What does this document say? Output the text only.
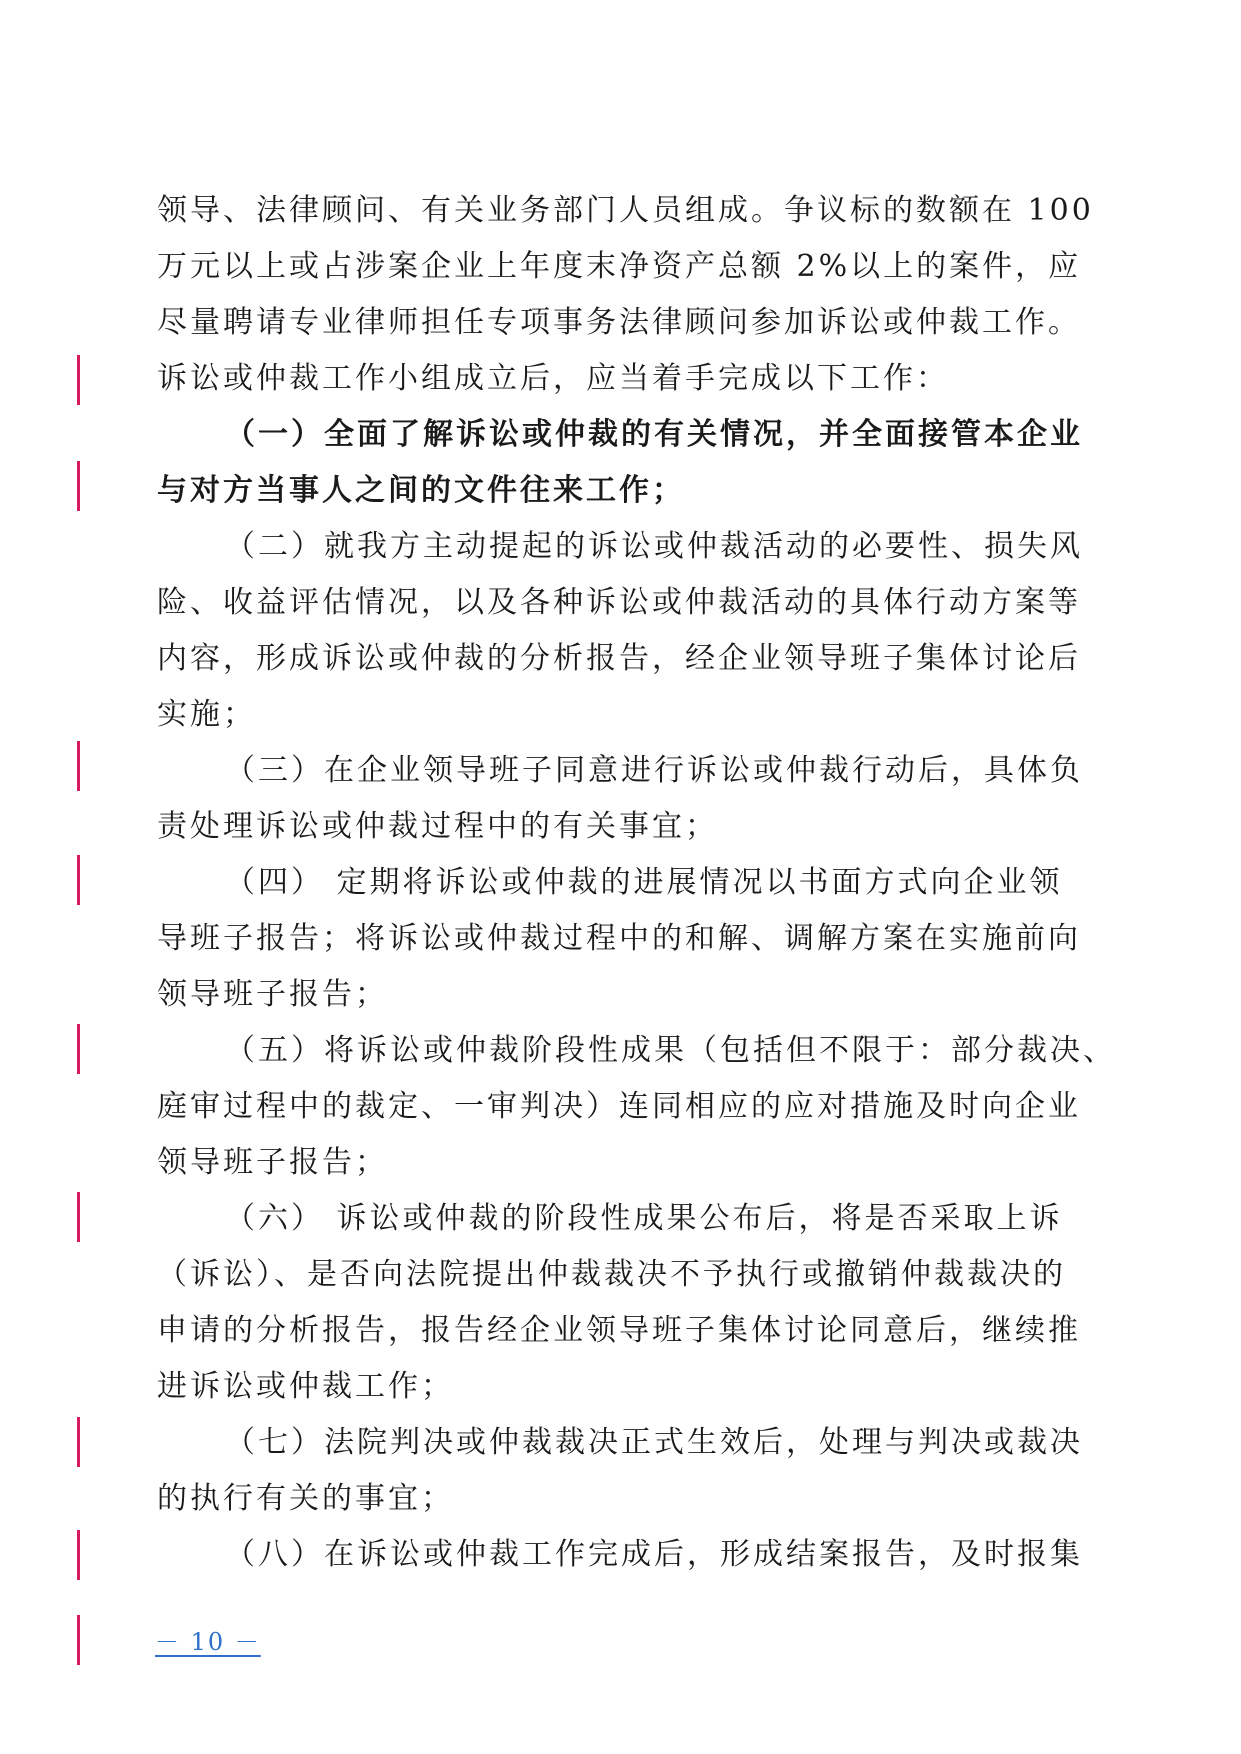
领导、法律顾问、有关业务部门人员组成。争议标的数额在 100

万元以上或占涉案企业上年度末净资产总额 2%以上的案件，应

尽量聘请专业律师担任专项事务法律顾问参加诉讼或仲裁工作。

诉讼或仲裁工作小组成立后，应当着手完成以下工作：

（一）全面了解诉讼或仲裁的有关情况，并全面接管本企业

与对方当事人之间的文件往来工作；

（二）就我方主动提起的诉讼或仲裁活动的必要性、损失风

险、收益评估情况，以及各种诉讼或仲裁活动的具体行动方案等

内容，形成诉讼或仲裁的分析报告，经企业领导班子集体讨论后

实施；

（三）在企业领导班子同意进行诉讼或仲裁行动后，具体负

责处理诉讼或仲裁过程中的有关事宜；

（四） 定期将诉讼或仲裁的进展情况以书面方式向企业领

导班子报告；将诉讼或仲裁过程中的和解、调解方案在实施前向

领导班子报告；

（五）将诉讼或仲裁阶段性成果（包括但不限于：部分裁决、

庭审过程中的裁定、一审判决）连同相应的应对措施及时向企业

领导班子报告；

（六） 诉讼或仲裁的阶段性成果公布后，将是否采取上诉

（诉讼）、是否向法院提出仲裁裁决不予执行或撤销仲裁裁决的

申请的分析报告，报告经企业领导班子集体讨论同意后，继续推

进诉讼或仲裁工作；

（七）法院判决或仲裁裁决正式生效后，处理与判决或裁决

的执行有关的事宜；

（八）在诉讼或仲裁工作完成后，形成结案报告，及时报集

－ 10 －
